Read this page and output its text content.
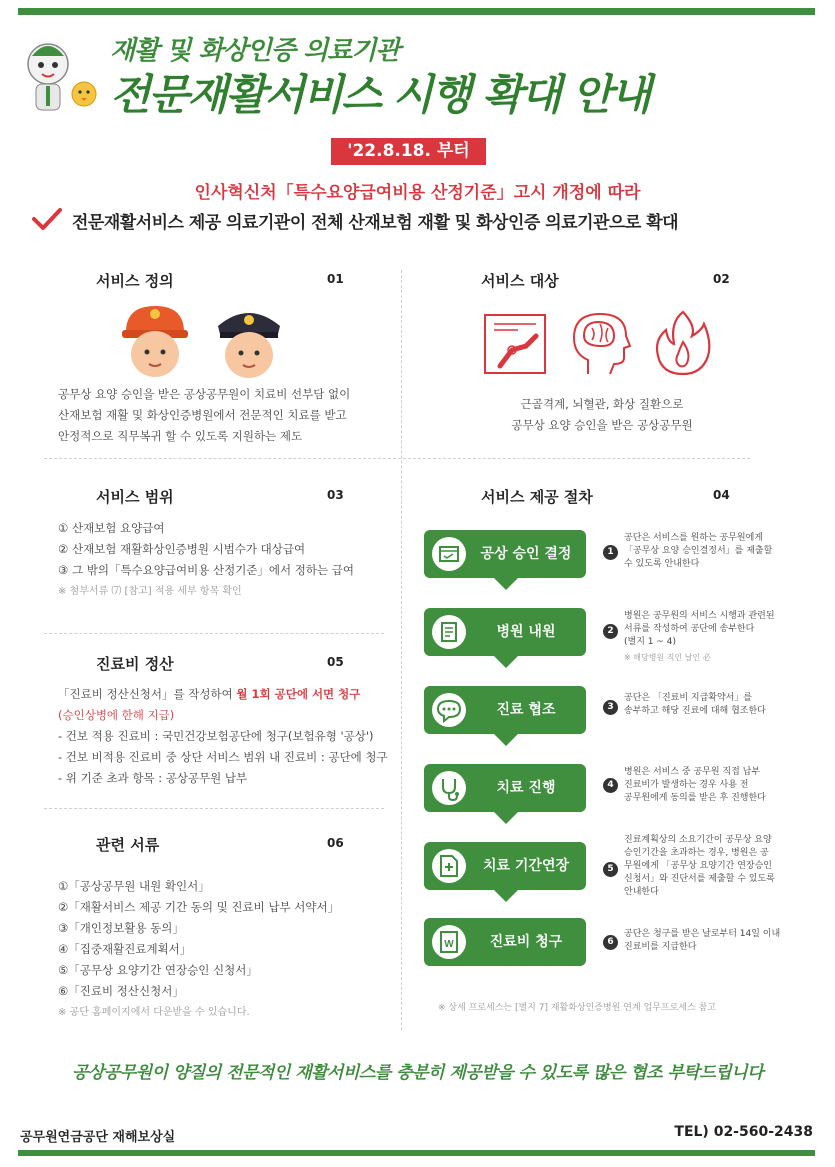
재활 및 화상인증 의료기관
전문재활서비스 시행 확대 안내
'22.8.18. 부터
인사혁신처「특수요양급여비용 산정기준」고시 개정에 따라
전문재활서비스 제공 의료기관이 전체 산재보험 재활 및 화상인증 의료기관으로 확대
서비스 정의	01
공무상 요양 승인을 받은 공상공무원이 치료비 선부담 없이
산재보험 재활 및 화상인증병원에서 전문적인 치료를 받고
안정적으로 직무복귀 할 수 있도록 지원하는 제도
서비스 대상	02
근골격계, 뇌혈관, 화상 질환으로
공무상 요양 승인을 받은 공상공무원
서비스 범위	03
① 산재보험 요양급여
② 산재보험 재활화상인증병원 시범수가 대상급여
③ 그 밖의「특수요양급여비용 산정기준」에서 정하는 급여
※ 첨부서류 ⑺ [참고] 적용 세부 항목 확인
진료비 정산	05
「진료비 정산신청서」를 작성하여 월 1회 공단에 서면 청구
(승인상병에 한해 지급)
- 건보 적용 진료비 : 국민건강보험공단에 청구(보험유형 '공상')
- 건보 비적용 진료비 중 상단 서비스 범위 내 진료비 : 공단에 청구
- 위 기준 초과 항목 : 공상공무원 납부
관련 서류	06
①「공상공무원 내원 확인서」
②「재활서비스 제공 기간 동의 및 진료비 납부 서약서」
③「개인정보활용 동의」
④「집중재활진료계획서」
⑤「공무상 요양기간 연장승인 신청서」
⑥「진료비 정산신청서」
※ 공단 홈페이지에서 다운받을 수 있습니다.
서비스 제공 절차	04
공상 승인 결정	1
공단은 서비스를 원하는 공무원에게
「공무상 요양 승인결정서」를 제출할
수 있도록 안내한다
병원 내원	2
병원은 공무원의 서비스 시행과 관련된
서류를 작성하여 공단에 송부한다
(별지 1 ~ 4)
※ 해당병원 직인 날인 必
진료 협조	3
공단은 「진료비 지급확약서」를
송부하고 해당 진료에 대해 협조한다
치료 진행	4
병원은 서비스 중 공무원 직접 납부
진료비가 발생하는 경우 사용 전
공무원에게 동의를 받은 후 진행한다
치료 기간연장	5
진료계획상의 소요기간이 공무상 요양
승인기간을 초과하는 경우, 병원은 공
무원에게 「공무상 요양기간 연장승인
신청서」와 진단서를 제출할 수 있도록
안내한다
W	진료비 청구	6
공단은 청구를 받은 날로부터 14일 이내
진료비를 지급한다
※ 상세 프로세스는 [별지 7] 재활화상인증병원 연계 업무프로세스 참고
공상공무원이 양질의 전문적인 재활서비스를 충분히 제공받을 수 있도록 많은 협조 부탁드립니다
공무원연금공단 재해보상실	TEL) 02-560-2438
